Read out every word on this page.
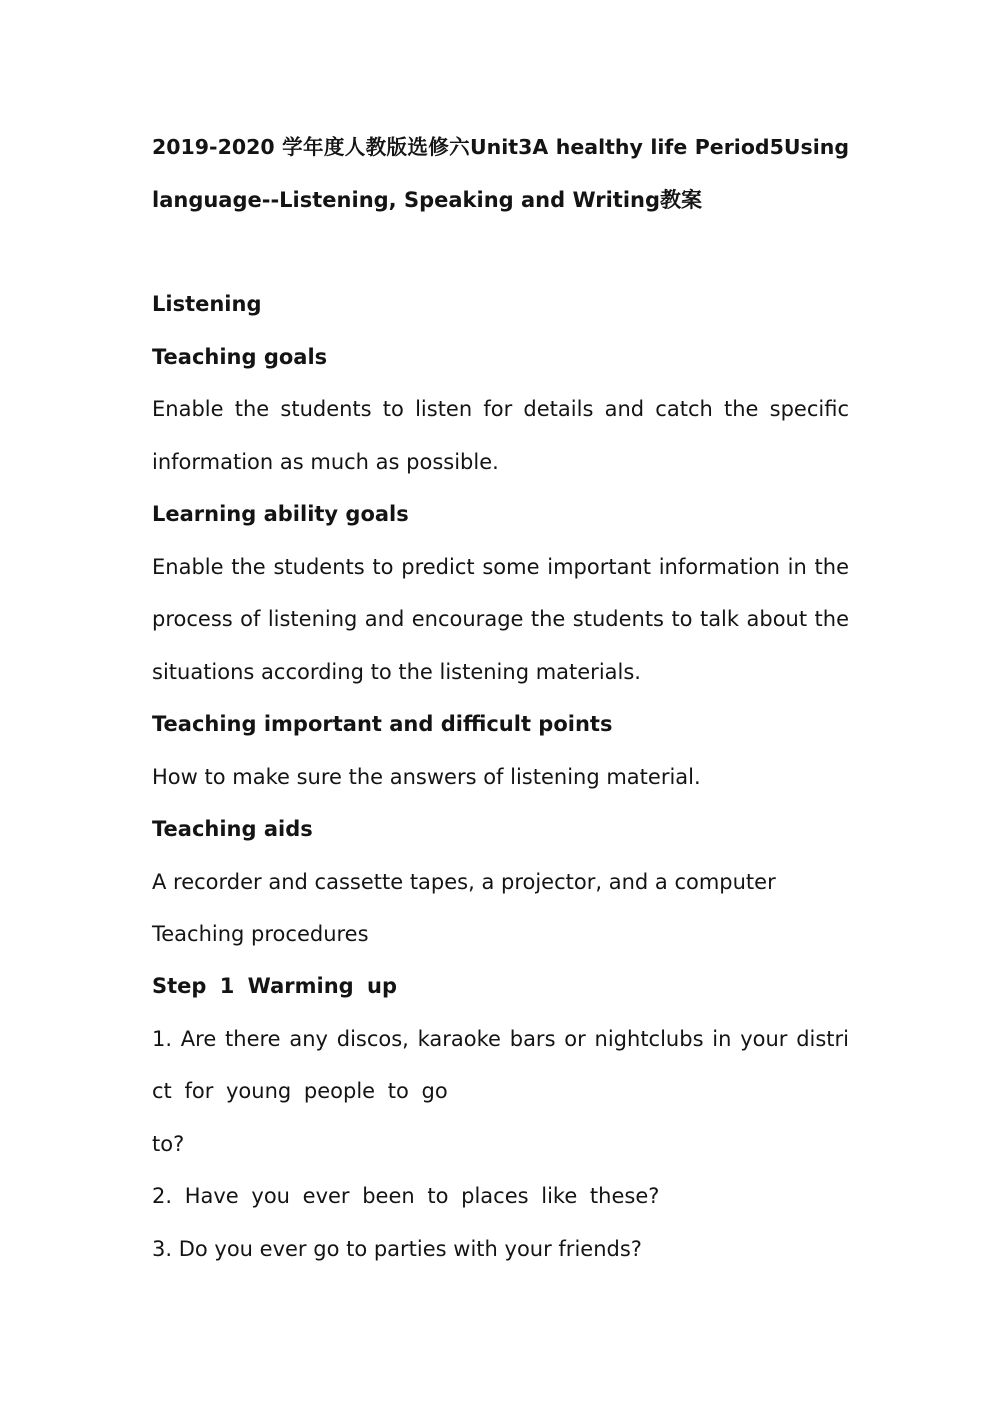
2019-2020 学年度人教版选修六Unit3A healthy life Period5Using
language--Listening, Speaking and Writing教案
Listening
Teaching goals
Enable the students to listen for details and catch the specific
information as much as possible.
Learning ability goals
Enable the students to predict some important information in the
process of listening and encourage the students to talk about the
situations according to the listening materials.
Teaching important and difficult points
How to make sure the answers of listening material.
Teaching aids
A recorder and cassette tapes, a projector, and a computer
Teaching procedures
Step 1 Warming up
1. Are there any discos, karaoke bars or nightclubs in your distri
ct for young people to go
to?
2. Have you ever been to places like these?
3. Do you ever go to parties with your friends?
